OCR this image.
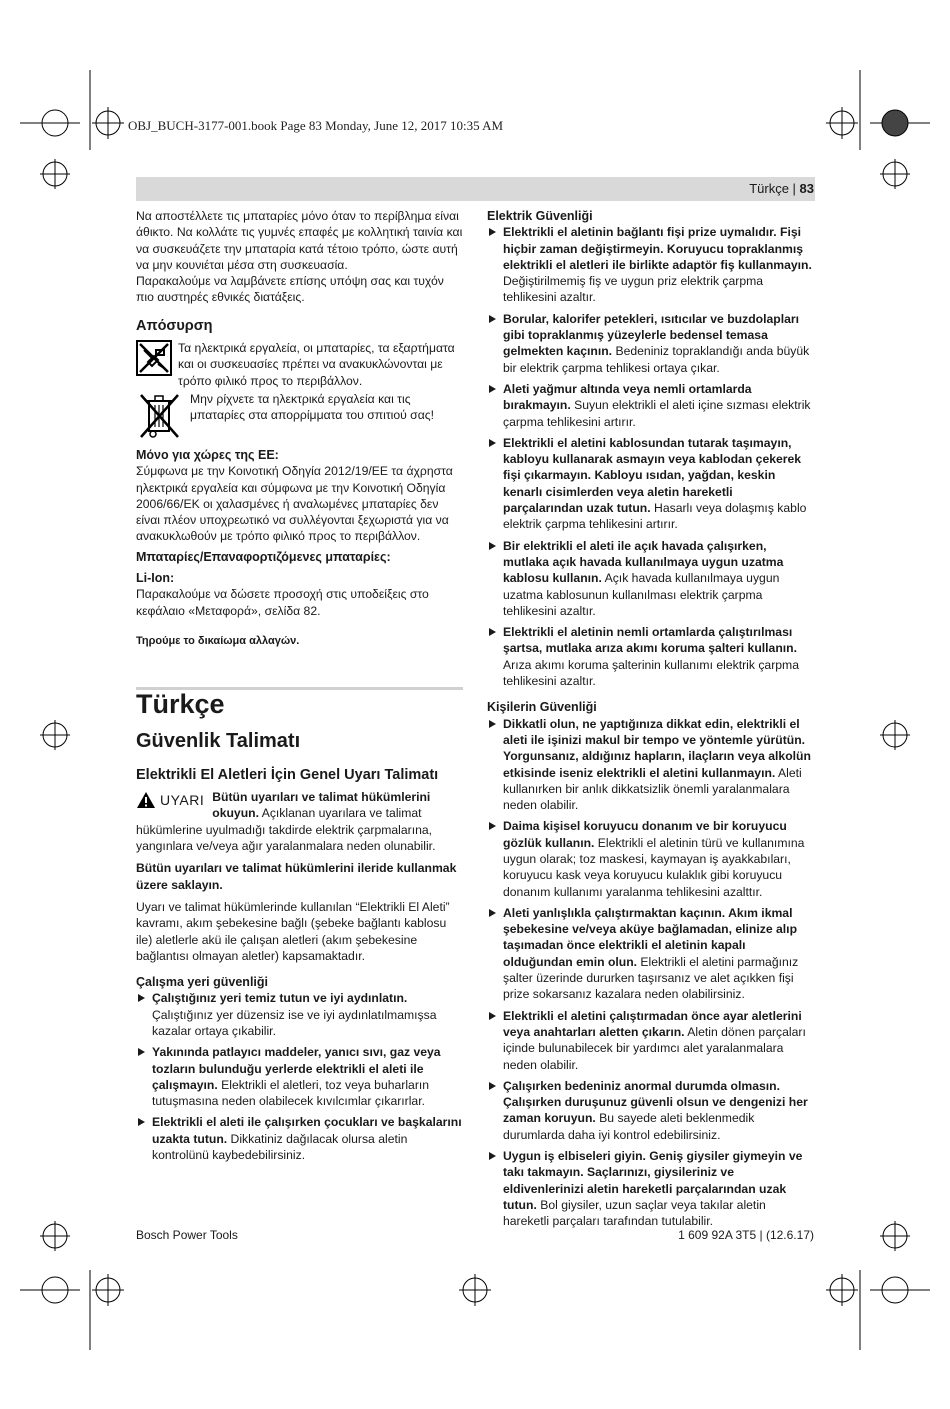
OBJ_BUCH-3177-001.book Page 83 Monday, June 12, 2017 10:35 AM
Türkçe | 83

Να αποστέλλετε τις μπαταρίες μόνο όταν το περίβλημα είναι άθικτο. Να κολλάτε τις γυμνές επαφές με κολλητική ταινία και να συσκευάζετε την μπαταρία κατά τέτοιο τρόπο, ώστε αυτή να μην κουνιέται μέσα στη συσκευασία.

Παρακαλούμε να λαμβάνετε επίσης υπόψη σας και τυχόν πιο αυστηρές εθνικές διατάξεις.

Απόσυρση

Τα ηλεκτρικά εργαλεία, οι μπαταρίες, τα εξαρτήματα και οι συσκευασίες πρέπει να ανακυκλώνονται με τρόπο φιλικό προς το περιβάλλον.

Μην ρίχνετε τα ηλεκτρικά εργαλεία και τις μπαταρίες στα απορρίμματα του σπιτιού σας!

Μόνο για χώρες της ΕΕ:

Σύμφωνα με την Κοινοτική Οδηγία 2012/19/ΕΕ τα άχρηστα ηλεκτρικά εργαλεία και σύμφωνα με την Κοινοτική Οδηγία 2006/66/ΕΚ οι χαλασμένες ή αναλωμένες μπαταρίες δεν είναι πλέον υποχρεωτικό να συλλέγονται ξεχωριστά για να ανακυκλωθούν με τρόπο φιλικό προς το περιβάλλον.

Μπαταρίες/Επαναφορτιζόμενες μπαταρίες:

Li-Ion:

Παρακαλούμε να δώσετε προσοχή στις υποδείξεις στο κεφάλαιο «Μεταφορά», σελίδα 82.

Τηρούμε το δικαίωμα αλλαγών.

Türkçe

Güvenlik Talimatı

Elektrikli El Aletleri İçin Genel Uyarı Talimatı

UYARI Bütün uyarıları ve talimat hükümlerini okuyun. Açıklanan uyarılara ve talimat hükümlerine uyulmadığı takdirde elektrik çarpmalarına, yangınlara ve/veya ağır yaralanmalara neden olunabilir.

Bütün uyarıları ve talimat hükümlerini ileride kullanmak üzere saklayın.

Uyarı ve talimat hükümlerinde kullanılan “Elektrikli El Aleti” kavramı, akım şebekesine bağlı (şebeke bağlantı kablosu ile) aletlerle akü ile çalışan aletleri (akım şebekesine bağlantısı olmayan aletler) kapsamaktadır.

Çalışma yeri güvenliği

Çalıştığınız yeri temiz tutun ve iyi aydınlatın. Çalıştığınız yer düzensiz ise ve iyi aydınlatılmamışsa kazalar ortaya çıkabilir.
Yakınında patlayıcı maddeler, yanıcı sıvı, gaz veya tozların bulunduğu yerlerde elektrikli el aleti ile çalışmayın. Elektrikli el aletleri, toz veya buharların tutuşmasına neden olabilecek kıvılcımlar çıkarırlar.
Elektrikli el aleti ile çalışırken çocukları ve başkalarını uzakta tutun. Dikkatiniz dağılacak olursa aletin kontrolünü kaybedebilirsiniz.

Elektrik Güvenliği

Elektrikli el aletinin bağlantı fişi prize uymalıdır. Fişi hiçbir zaman değiştirmeyin. Koruyucu topraklanmış elektrikli el aletleri ile birlikte adaptör fiş kullanmayın. Değiştirilmemiş fiş ve uygun priz elektrik çarpma tehlikesini azaltır.
Borular, kalorifer petekleri, ısıtıcılar ve buzdolapları gibi topraklanmış yüzeylerle bedensel temasa gelmekten kaçının. Bedeniniz topraklandığı anda büyük bir elektrik çarpma tehlikesi ortaya çıkar.
Aleti yağmur altında veya nemli ortamlarda bırakmayın. Suyun elektrikli el aleti içine sızması elektrik çarpma tehlikesini artırır.
Elektrikli el aletini kablosundan tutarak taşımayın, kabloyu kullanarak asmayın veya kablodan çekerek fişi çıkarmayın. Kabloyu ısıdan, yağdan, keskin kenarlı cisimlerden veya aletin hareketli parçalarından uzak tutun. Hasarlı veya dolaşmış kablo elektrik çarpma tehlikesini artırır.
Bir elektrikli el aleti ile açık havada çalışırken, mutlaka açık havada kullanılmaya uygun uzatma kablosu kullanın. Açık havada kullanılmaya uygun uzatma kablosunun kullanılması elektrik çarpma tehlikesini azaltır.
Elektrikli el aletinin nemli ortamlarda çalıştırılması şartsa, mutlaka arıza akımı koruma şalteri kullanın. Arıza akımı koruma şalterinin kullanımı elektrik çarpma tehlikesini azaltır.

Kişilerin Güvenliği

Dikkatli olun, ne yaptığınıza dikkat edin, elektrikli el aleti ile işinizi makul bir tempo ve yöntemle yürütün. Yorgunsanız, aldığınız hapların, ilaçların veya alkolün etkisinde iseniz elektrikli el aletini kullanmayın. Aleti kullanırken bir anlık dikkatsizlik önemli yaralanmalara neden olabilir.
Daima kişisel koruyucu donanım ve bir koruyucu gözlük kullanın. Elektrikli el aletinin türü ve kullanımına uygun olarak; toz maskesi, kaymayan iş ayakkabıları, koruyucu kask veya koruyucu kulaklık gibi koruyucu donanım kullanımı yaralanma tehlikesini azalttır.
Aleti yanlışlıkla çalıştırmaktan kaçının. Akım ikmal şebekesine ve/veya aküye bağlamadan, elinize alıp taşımadan önce elektrikli el aletinin kapalı olduğundan emin olun. Elektrikli el aletini parmağınız şalter üzerinde dururken taşırsanız ve alet açıkken fişi prize sokarsanız kazalara neden olabilirsiniz.
Elektrikli el aletini çalıştırmadan önce ayar aletlerini veya anahtarları aletten çıkarın. Aletin dönen parçaları içinde bulunabilecek bir yardımcı alet yaralanmalara neden olabilir.
Çalışırken bedeniniz anormal durumda olmasın. Çalışırken duruşunuz güvenli olsun ve dengenizi her zaman koruyun. Bu sayede aleti beklenmedik durumlarda daha iyi kontrol edebilirsiniz.
Uygun iş elbiseleri giyin. Geniş giysiler giymeyin ve takı takmayın. Saçlarınızı, giysileriniz ve eldivenlerinizi aletin hareketli parçalarından uzak tutun. Bol giysiler, uzun saçlar veya takılar aletin hareketli parçaları tarafından tutulabilir.
Bosch Power Tools	1 609 92A 3T5 | (12.6.17)
